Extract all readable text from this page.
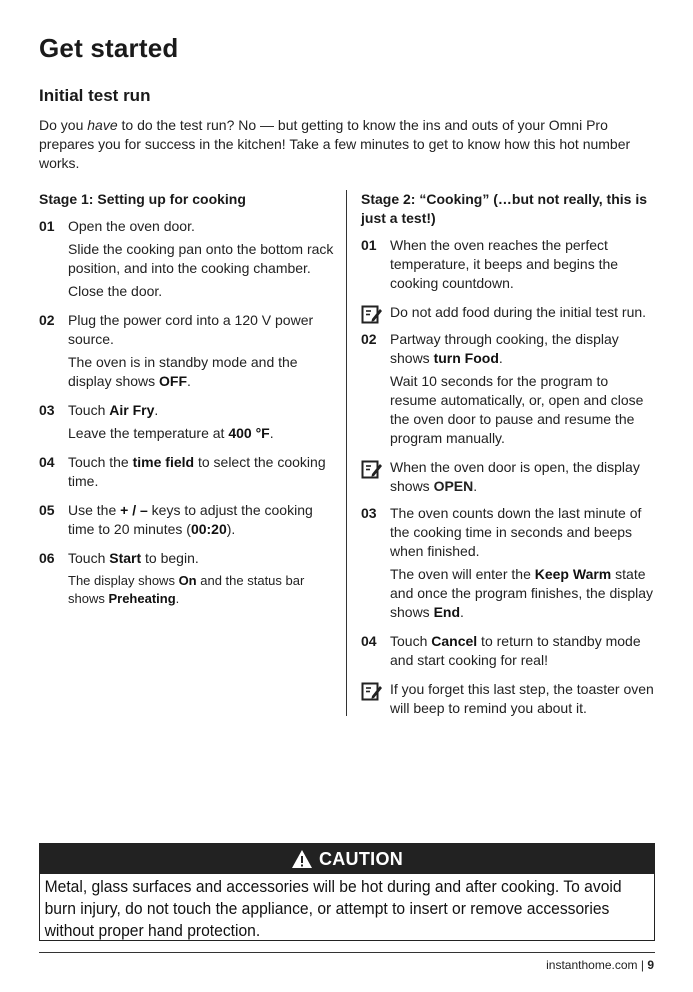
Get started
Initial test run

Do you have to do the test run? No — but getting to know the ins and outs of your Omni Pro prepares you for success in the kitchen! Take a few minutes to get to know how this hot number works.

Stage 1: Setting up for cooking
01 Open the oven door.

Slide the cooking pan onto the bottom rack position, and into the cooking chamber.

Close the door.

02 Plug the power cord into a 120 V power source.

The oven is in standby mode and the display shows OFF.

03 Touch Air Fry.

Leave the temperature at 400 °F.

04 Touch the time field to select the cooking time.

05 Use the + / – keys to adjust the cooking time to 20 minutes (00:20).

06 Touch Start to begin.

The display shows On and the status bar shows Preheating.

Stage 2: “Cooking” (…but not really, this is just a test!)
01 When the oven reaches the perfect temperature, it beeps and begins the cooking countdown.

Do not add food during the initial test run.

02 Partway through cooking, the display shows turn Food.

Wait 10 seconds for the program to resume automatically, or, open and close the oven door to pause and resume the program manually.

When the oven door is open, the display shows OPEN.

03 The oven counts down the last minute of the cooking time in seconds and beeps when finished.

The oven will enter the Keep Warm state and once the program finishes, the display shows End.

04 Touch Cancel to return to standby mode and start cooking for real!

If you forget this last step, the toaster oven will beep to remind you about it.

CAUTION
Metal, glass surfaces and accessories will be hot during and after cooking. To avoid burn injury, do not touch the appliance, or attempt to insert or remove accessories without proper hand protection.
instanthome.com | 9
